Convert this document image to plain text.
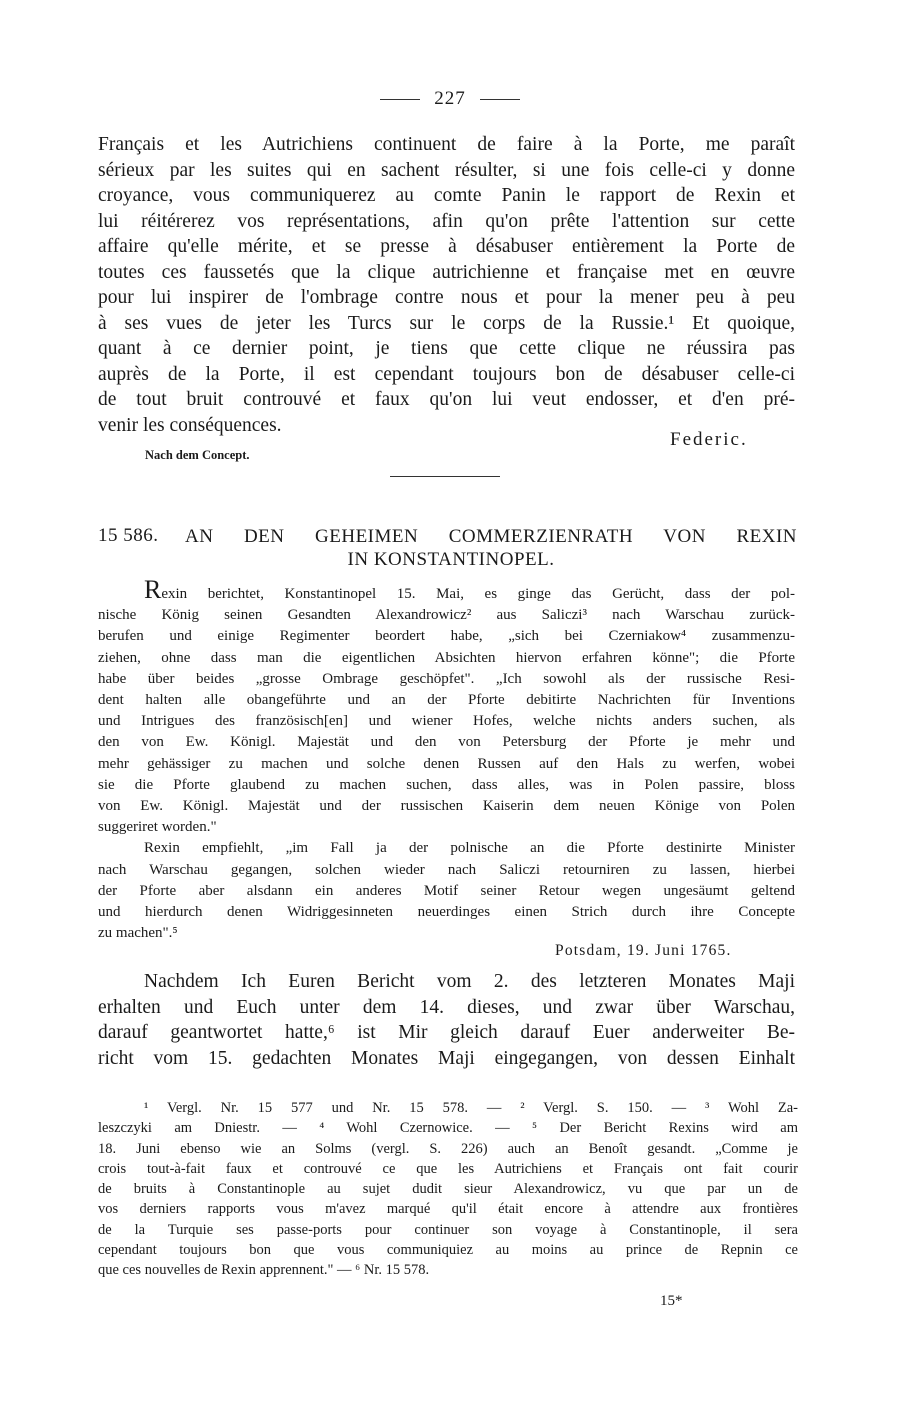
227
Français et les Autrichiens continuent de faire à la Porte, me paraît
sérieux par les suites qui en sachent résulter, si une fois celle-ci y donne
croyance, vous communiquerez au comte Panin le rapport de Rexin et
lui réitérerez vos représentations, afin qu'on prête l'attention sur cette
affaire qu'elle mérite, et se presse à désabuser entièrement la Porte de
toutes ces faussetés que la clique autrichienne et française met en œuvre
pour lui inspirer de l'ombrage contre nous et pour la mener peu à peu
à ses vues de jeter les Turcs sur le corps de la Russie.¹ Et quoique,
quant à ce dernier point, je tiens que cette clique ne réussira pas
auprès de la Porte, il est cependant toujours bon de désabuser celle-ci
de tout bruit controuvé et faux qu'on lui veut endosser, et d'en pré-
venir les conséquences.
Federic.
Nach dem Concept.
15 586. AN DEN GEHEIMEN COMMERZIENRATH VON REXIN
IN KONSTANTINOPEL.
Rexin berichtet, Konstantinopel 15. Mai, es ginge das Gerücht, dass der pol-
nische König seinen Gesandten Alexandrowicz² aus Saliczi³ nach Warschau zurück-
berufen und einige Regimenter beordert habe, „sich bei Czerniakow⁴ zusammenzu-
ziehen, ohne dass man die eigentlichen Absichten hiervon erfahren könne"; die Pforte
habe über beides „grosse Ombrage geschöpfet". „Ich sowohl als der russische Resi-
dent halten alle obangeführte und an der Pforte debitirte Nachrichten für Inventions
und Intrigues des französisch[en] und wiener Hofes, welche nichts anders suchen, als
den von Ew. Königl. Majestät und den von Petersburg der Pforte je mehr und
mehr gehässiger zu machen und solche denen Russen auf den Hals zu werfen, wobei
sie die Pforte glaubend zu machen suchen, dass alles, was in Polen passire, bloss
von Ew. Königl. Majestät und der russischen Kaiserin dem neuen Könige von Polen
suggeriret worden."
Rexin empfiehlt, „im Fall ja der polnische an die Pforte destinirte Minister
nach Warschau gegangen, solchen wieder nach Saliczi retourniren zu lassen, hierbei
der Pforte aber alsdann ein anderes Motif seiner Retour wegen ungesäumt geltend
und hierdurch denen Widriggesinneten neuerdinges einen Strich durch ihre Concepte
zu machen".⁵
Potsdam, 19. Juni 1765.
Nachdem Ich Euren Bericht vom 2. des letzteren Monates Maji
erhalten und Euch unter dem 14. dieses, und zwar über Warschau,
darauf geantwortet hatte,⁶ ist Mir gleich darauf Euer anderweiter Be-
richt vom 15. gedachten Monates Maji eingegangen, von dessen Einhalt
¹ Vergl. Nr. 15 577 und Nr. 15 578. — ² Vergl. S. 150. — ³ Wohl Za-
leszczyki am Dniestr. — ⁴ Wohl Czernowice. — ⁵ Der Bericht Rexins wird am
18. Juni ebenso wie an Solms (vergl. S. 226) auch an Benoît gesandt. „Comme je
crois tout-à-fait faux et controuvé ce que les Autrichiens et Français ont fait courir
de bruits à Constantinople au sujet dudit sieur Alexandrowicz, vu que par un de
vos derniers rapports vous m'avez marqué qu'il était encore à attendre aux frontières
de la Turquie ses passe-ports pour continuer son voyage à Constantinople, il sera
cependant toujours bon que vous communiquiez au moins au prince de Repnin ce
que ces nouvelles de Rexin apprennent." — ⁶ Nr. 15 578.
15*
